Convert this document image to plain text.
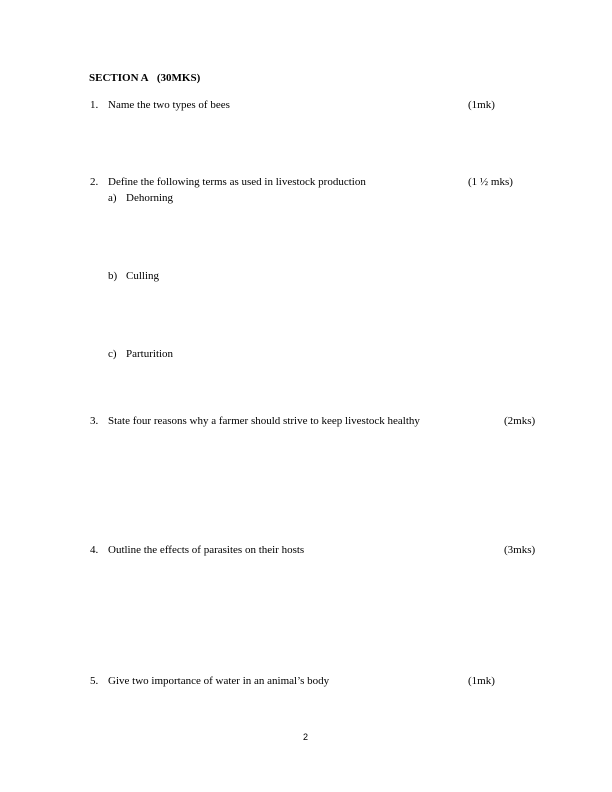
SECTION A (30MKS)
1. Name the two types of bees	(1mk)
2. Define the following terms as used in livestock production	(1 ½ mks)
a) Dehorning
b) Culling
c) Parturition
3. State four reasons why a farmer should strive to keep livestock healthy	(2mks)
4. Outline the effects of parasites on their hosts	(3mks)
5. Give two importance of water in an animal’s body	(1mk)
2
